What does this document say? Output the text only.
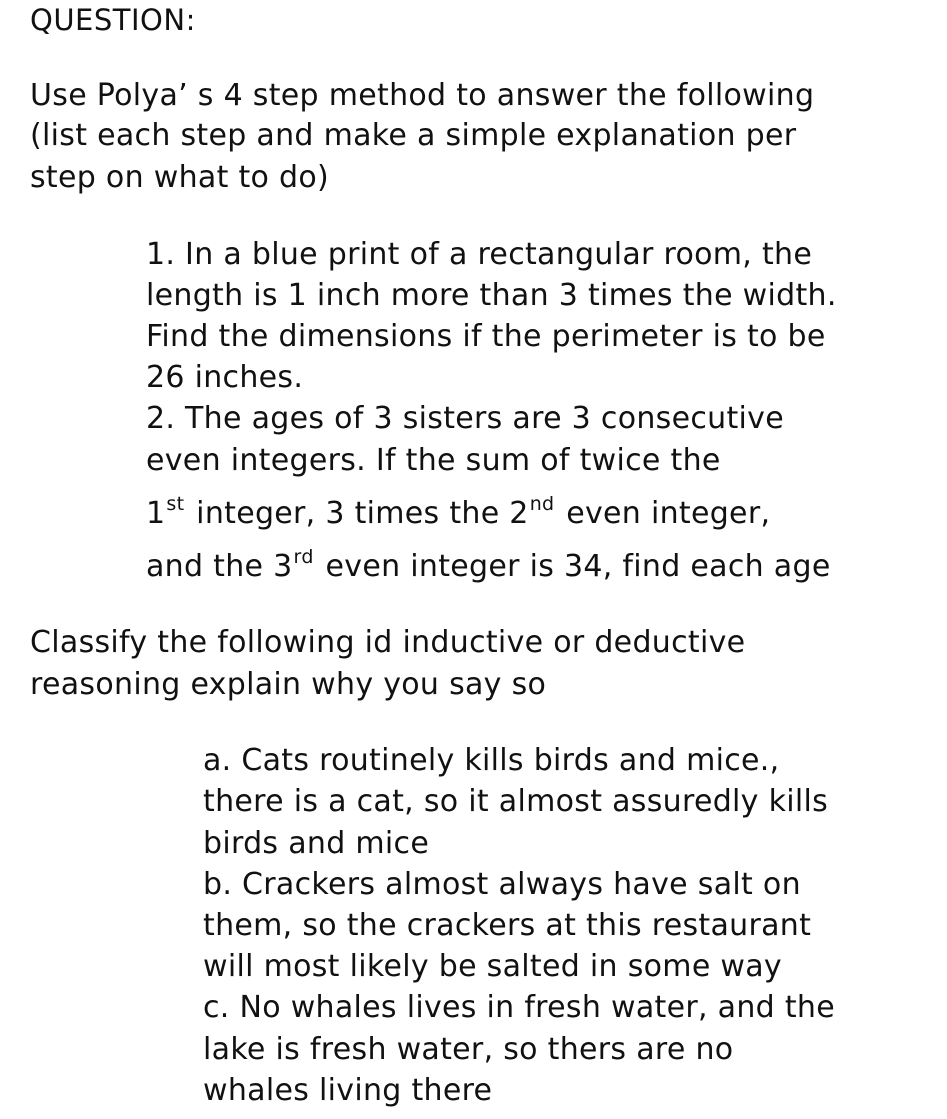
QUESTION:
Use Polya’ s 4 step method to answer the following
(list each step and make a simple explanation per
step on what to do)
1. In a blue print of a rectangular room, the
length is 1 inch more than 3 times the width.
Find the dimensions if the perimeter is to be
26 inches.
2. The ages of 3 sisters are 3 consecutive
even integers. If the sum of twice the
1st integer, 3 times the 2nd even integer,
and the 3rd even integer is 34, find each age
Classify the following id inductive or deductive
reasoning explain why you say so
a. Cats routinely kills birds and mice.,
there is a cat, so it almost assuredly kills
birds and mice
b. Crackers almost always have salt on
them, so the crackers at this restaurant
will most likely be salted in some way
c. No whales lives in fresh water, and the
lake is fresh water, so thers are no
whales living there
